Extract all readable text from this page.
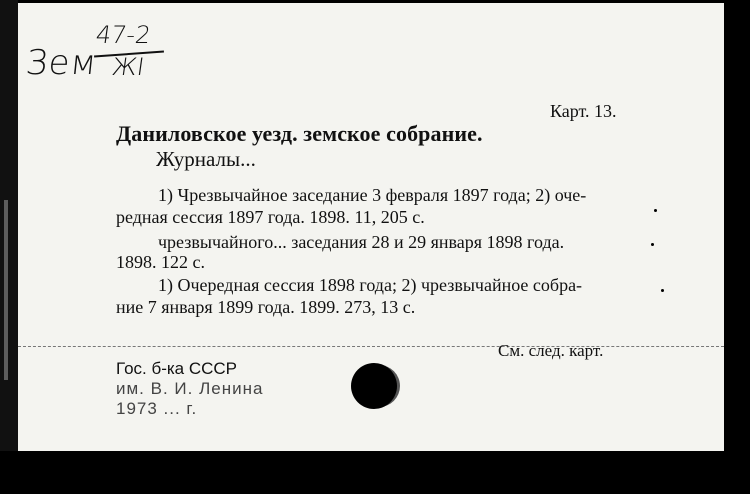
Зем
47-2
ЖI
Карт. 13.
Даниловское уезд. земское собрание.
Журналы...
1) Чрезвычайное заседание 3 февраля 1897 года; 2) оче-
редная сессия 1897 года. 1898. 11, 205 с.
чрезвычайного... заседания 28 и 29 января 1898 года.
1898. 122 с.
1) Очередная сессия 1898 года; 2) чрезвычайное собра-
ние 7 января 1899 года. 1899. 273, 13 с.
См. след. карт.
Гос. б-ка СССР
им. В. И. Ленина
1973 ... г.
